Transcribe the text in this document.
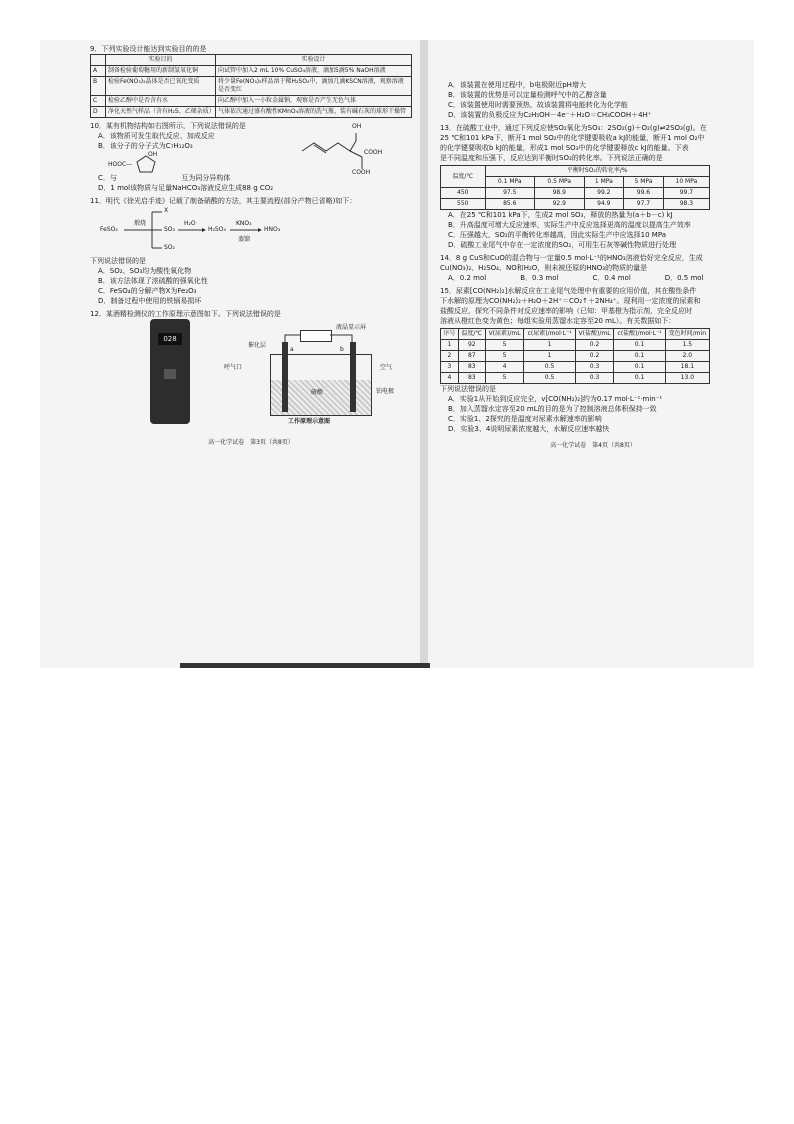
9．下列实验设计能达到实验目的的是
	实验目的	实验设计
A	制备检验葡萄糖用的新制氢氧化铜	向试管中加入2 mL 10% CuSO₄溶液，滴加5滴5% NaOH溶液
B	检验Fe(NO₃)₂晶体是否已氧化变质	将少量Fe(NO₃)₂样品溶于稀H₂SO₄中，滴加几滴KSCN溶液，观察溶液是否变红
C	检验乙醇中是否含有水	向乙醇中加入一小粒金属钠，观察是否产生无色气体
D	净化天然气样品（含有H₂S、乙烯杂质）	气体依次通过盛有酸性KMnO₄溶液的洗气瓶、装有碱石灰的球形干燥管
10．某有机物结构如右图所示，下列说法错误的是
A．该物质可发生取代反应、加成反应
B．该分子的分子式为C₇H₁₂O₃
OH
HOOC—
C．与	互为同分异构体
D．1 mol该物质与足量NaHCO₃溶液反应生成88 g CO₂
OH
COOH
COOH
11．明代《徐光启手迹》记载了制备硝酸的方法，其主要流程(部分产物已省略)如下：
FeSO₄
煅烧
X
SO₃
H₂O
H₂SO₄
KNO₃
蒸馏
HNO₃
SO₂
下列说法错误的是
A．SO₂、SO₃均为酸性氧化物
B．该方法体现了浓硫酸的强氧化性
C．FeSO₄的分解产物X为Fe₂O₃
D．制备过程中使用的铁锅易损坏
12．某酒精检测仪的工作原理示意图如下。下列说法错误的是
028
液晶显示屏
硫酸
a	b
催化层
呼气口	空气
铂电极
工作原理示意图
高一化学试卷　第3页（共8页）
A．该装置在使用过程中，b电极附近pH增大
B．该装置的优势是可以定量检测呼气中的乙醇含量
C．该装置使用时需要预热，故该装置将电能转化为化学能
D．该装置的负极反应为C₂H₅OH－4e⁻＋H₂O＝CH₃COOH＋4H⁺
13．在硫酸工业中，通过下列反应使SO₂氧化为SO₃：2SO₂(g)＋O₂(g)⇌2SO₃(g)。在
25 ℃和101 kPa下，断开1 mol SO₂中的化学键要吸收a kJ的能量，断开1 mol O₂中
的化学键要吸收b kJ的能量，形成1 mol SO₃中的化学键要释放c kJ的能量。下表
是不同温度和压强下，反应达到平衡时SO₂的转化率。下列说法正确的是
温度/℃	平衡时SO₂的转化率/%				
	0.1 MPa	0.5 MPa	1 MPa	5 MPa	10 MPa
450	97.5	98.9	99.2	99.6	99.7
550	85.6	92.9	94.9	97.7	98.3
A．在25 ℃和101 kPa下，生成2 mol SO₃，释放的热量为(a＋b－c) kJ
B．升高温度可增大反应速率，实际生产中反应选择更高的温度以提高生产效率
C．压强越大，SO₂的平衡转化率越高，因此实际生产中应选择10 MPa
D．硫酸工业尾气中存在一定浓度的SO₂，可用生石灰等碱性物质进行处理
14．8 g CuS和CuO的混合物与一定量0.5 mol·L⁻¹的HNO₃溶液恰好完全反应，生成
Cu(NO₃)₂、H₂SO₄、NO和H₂O，则未被还原的HNO₃的物质的量是
A．0.2 mol	B．0.3 mol	C．0.4 mol	D．0.5 mol
15．尿素[CO(NH₂)₂]水解反应在工业尾气处理中有重要的应用价值，其在酸性条件
下水解的原理为CO(NH₂)₂＋H₂O＋2H⁺＝CO₂↑＋2NH₄⁺。现利用一定浓度的尿素和
盐酸反应，探究不同条件对反应速率的影响（已知：甲基橙为指示剂，完全反应时
溶液从橙红色变为黄色；每组实验用蒸馏水定容至20 mL）。有关数据如下：
序号	温度/℃	V(尿素)/mL	c(尿素)/mol·L⁻¹	V(盐酸)/mL	c(盐酸)/mol·L⁻¹	变色时间/min
1	92	5	1	0.2	0.1	1.5
2	87	5	1	0.2	0.1	2.0
3	83	4	0.5	0.3	0.1	18.1
4	83	5	0.5	0.3	0.1	13.0
下列说法错误的是
A．实验1从开始到反应完全，v[CO(NH₂)₂]约为0.17 mol·L⁻¹·min⁻¹
B．加入蒸馏水定容至20 mL的目的是为了控制溶液总体积保持一致
C．实验1、2探究的是温度对尿素水解速率的影响
D．实验3、4说明尿素浓度越大，水解反应速率越快
高一化学试卷　第4页（共8页）
